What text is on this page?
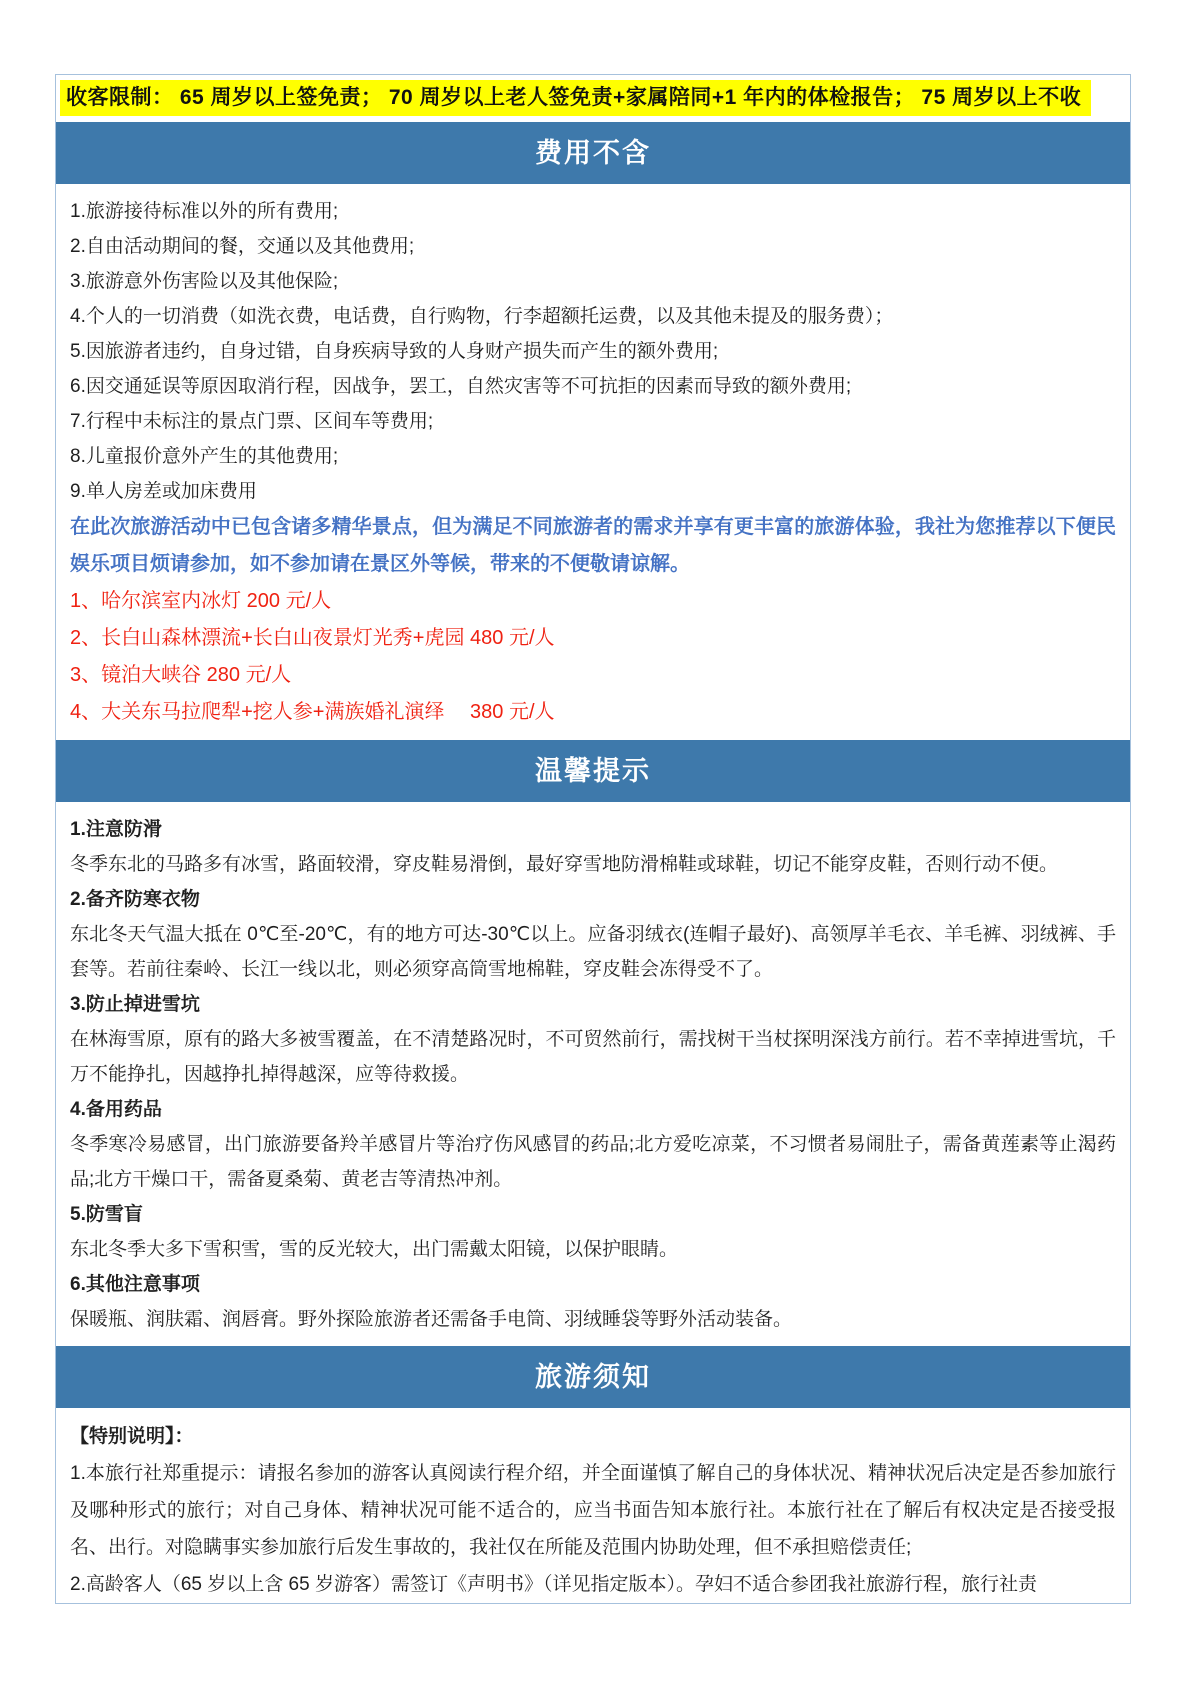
收客限制： 65 周岁以上签免责； 70 周岁以上老人签免责+家属陪同+1 年内的体检报告； 75 周岁以上不收
费用不含
1.旅游接待标准以外的所有费用;
2.自由活动期间的餐，交通以及其他费用;
3.旅游意外伤害险以及其他保险;
4.个人的一切消费（如洗衣费，电话费，自行购物，行李超额托运费，以及其他未提及的服务费）；
5.因旅游者违约，自身过错，自身疾病导致的人身财产损失而产生的额外费用;
6.因交通延误等原因取消行程，因战争，罢工，自然灾害等不可抗拒的因素而导致的额外费用;
7.行程中未标注的景点门票、区间车等费用;
8.儿童报价意外产生的其他费用;
9.单人房差或加床费用
在此次旅游活动中已包含诸多精华景点，但为满足不同旅游者的需求并享有更丰富的旅游体验，我社为您推荐以下便民娱乐项目烦请参加，如不参加请在景区外等候，带来的不便敬请谅解。
1、哈尔滨室内冰灯 200 元/人
2、长白山森林漂流+长白山夜景灯光秀+虎园 480 元/人
3、镜泊大峡谷 280 元/人
4、大关东马拉爬犁+挖人参+满族婚礼演绎　 380 元/人
温馨提示
1.注意防滑
冬季东北的马路多有冰雪，路面较滑，穿皮鞋易滑倒，最好穿雪地防滑棉鞋或球鞋，切记不能穿皮鞋，否则行动不便。
2.备齐防寒衣物
东北冬天气温大抵在 0℃至-20℃，有的地方可达-30℃以上。应备羽绒衣(连帽子最好)、高领厚羊毛衣、羊毛裤、羽绒裤、手套等。若前往秦岭、长江一线以北，则必须穿高筒雪地棉鞋，穿皮鞋会冻得受不了。
3.防止掉进雪坑
在林海雪原，原有的路大多被雪覆盖，在不清楚路况时，不可贸然前行，需找树干当杖探明深浅方前行。若不幸掉进雪坑，千万不能挣扎，因越挣扎掉得越深，应等待救援。
4.备用药品
冬季寒冷易感冒，出门旅游要备羚羊感冒片等治疗伤风感冒的药品;北方爱吃凉菜，不习惯者易闹肚子，需备黄莲素等止渴药品;北方干燥口干，需备夏桑菊、黄老吉等清热冲剂。
5.防雪盲
东北冬季大多下雪积雪，雪的反光较大，出门需戴太阳镜，以保护眼睛。
6.其他注意事项
保暖瓶、润肤霜、润唇膏。野外探险旅游者还需备手电筒、羽绒睡袋等野外活动装备。
旅游须知
【特别说明】：
1.本旅行社郑重提示：请报名参加的游客认真阅读行程介绍，并全面谨慎了解自己的身体状况、精神状况后决定是否参加旅行及哪种形式的旅行；对自己身体、精神状况可能不适合的，应当书面告知本旅行社。本旅行社在了解后有权决定是否接受报名、出行。对隐瞒事实参加旅行后发生事故的，我社仅在所能及范围内协助处理，但不承担赔偿责任;
2.高龄客人（65 岁以上含 65 岁游客）需签订《声明书》（详见指定版本）。孕妇不适合参团我社旅游行程，旅行社责
